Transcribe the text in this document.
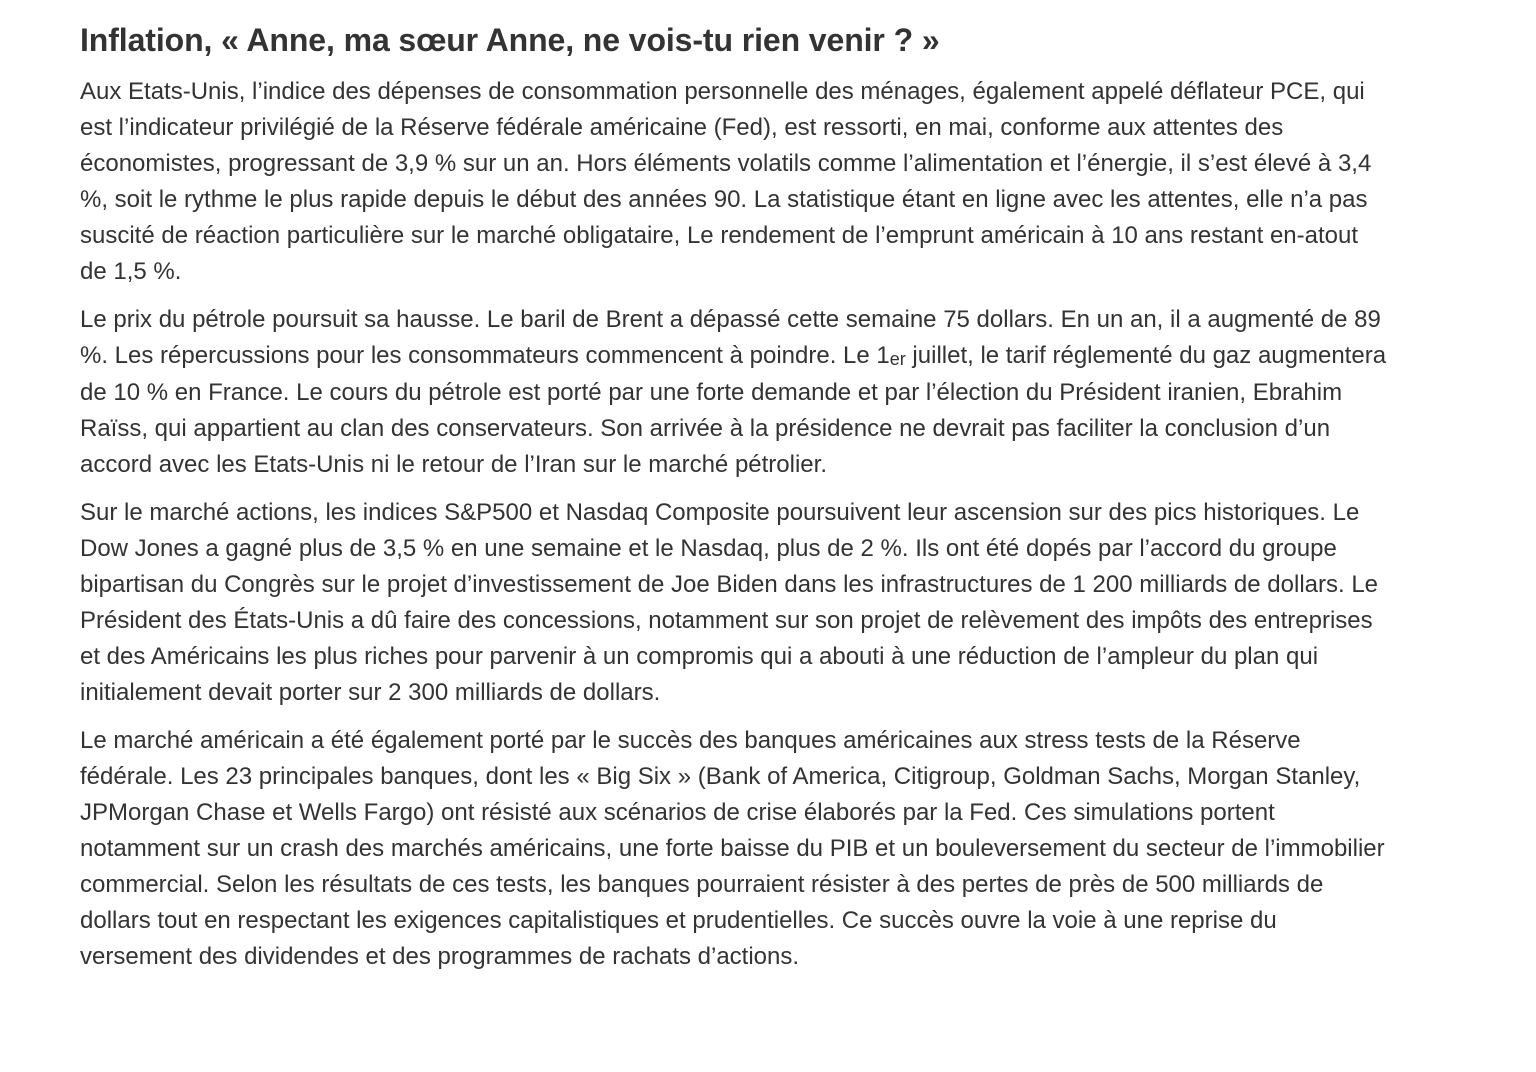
Inflation, « Anne, ma sœur Anne, ne vois-tu rien venir ? »

Aux Etats-Unis, l’indice des dépenses de consommation personnelle des ménages, également appelé déflateur PCE, qui est l’indicateur privilégié de la Réserve fédérale américaine (Fed), est ressorti, en mai, conforme aux attentes des économistes, progressant de 3,9 % sur un an. Hors éléments volatils comme l’alimentation et l’énergie, il s’est élevé à 3,4 %, soit le rythme le plus rapide depuis le début des années 90. La statistique étant en ligne avec les attentes, elle n’a pas suscité de réaction particulière sur le marché obligataire, Le rendement de l’emprunt américain à 10 ans restant en-atout de 1,5 %.

Le prix du pétrole poursuit sa hausse. Le baril de Brent a dépassé cette semaine 75 dollars. En un an, il a augmenté de 89 %. Les répercussions pour les consommateurs commencent à poindre. Le 1er juillet, le tarif réglementé du gaz augmentera de 10 % en France. Le cours du pétrole est porté par une forte demande et par l’élection du Président iranien, Ebrahim Raïss, qui appartient au clan des conservateurs. Son arrivée à la présidence ne devrait pas faciliter la conclusion d’un accord avec les Etats-Unis ni le retour de l’Iran sur le marché pétrolier.

Sur le marché actions, les indices S&P500 et Nasdaq Composite poursuivent leur ascension sur des pics historiques. Le Dow Jones a gagné plus de 3,5 % en une semaine et le Nasdaq, plus de 2 %. Ils ont été dopés par l’accord du groupe bipartisan du Congrès sur le projet d’investissement de Joe Biden dans les infrastructures de 1 200 milliards de dollars. Le Président des États-Unis a dû faire des concessions, notamment sur son projet de relèvement des impôts des entreprises et des Américains les plus riches pour parvenir à un compromis qui a abouti à une réduction de l’ampleur du plan qui initialement devait porter sur 2 300 milliards de dollars.

Le marché américain a été également porté par le succès des banques américaines aux stress tests de la Réserve fédérale. Les 23 principales banques, dont les « Big Six » (Bank of America, Citigroup, Goldman Sachs, Morgan Stanley, JPMorgan Chase et Wells Fargo) ont résisté aux scénarios de crise élaborés par la Fed. Ces simulations portent notamment sur un crash des marchés américains, une forte baisse du PIB et un bouleversement du secteur de l’immobilier commercial. Selon les résultats de ces tests, les banques pourraient résister à des pertes de près de 500 milliards de dollars tout en respectant les exigences capitalistiques et prudentielles. Ce succès ouvre la voie à une reprise du versement des dividendes et des programmes de rachats d’actions.
